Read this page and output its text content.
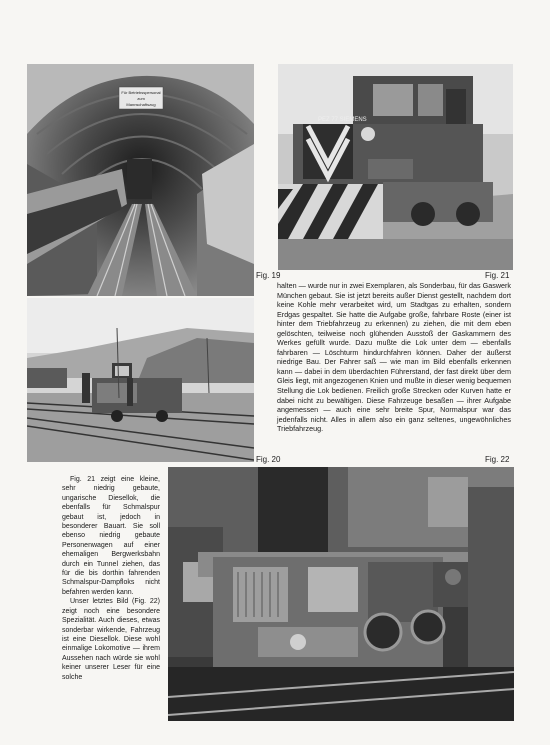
Für Betriebsspersonal
zum
Mannschaftszug
PEZ 77 SIEMENS
Fig. 19	Fig. 21
Fig. 20	Fig. 22

halten — wurde nur in zwei Exemplaren, als Sonderbau, für das Gaswerk München gebaut. Sie ist jetzt bereits außer Dienst gestellt, nachdem dort keine Kohle mehr verarbeitet wird, um Stadtgas zu erhalten, sondern Erdgas gespaltet. Sie hatte die Aufgabe große, fahrbare Roste (einer ist hinter dem Triebfahrzeug zu erkennen) zu ziehen, die mit dem eben gelöschten, teilweise noch glühenden Ausstoß der Gaskammern des Werkes gefüllt wurde. Dazu mußte die Lok unter dem — ebenfalls fahrbaren — Löschturm hindurchfahren können. Daher der äußerst niedrige Bau. Der Fahrer saß — wie man im Bild ebenfalls erkennen kann — dabei in dem überdachten Führerstand, der fast direkt über dem Gleis liegt, mit angezogenen Knien und mußte in dieser wenig bequemen Stellung die Lok bedienen. Freilich große Strecken oder Kurven hatte er dabei nicht zu bewältigen. Diese Fahrzeuge besaßen — ihrer Aufgabe angemessen — auch eine sehr breite Spur, Normalspur war das jedenfalls nicht. Alles in allem also ein ganz seltenes, ungewöhnliches Triebfahrzeug.

Fig. 21 zeigt eine kleine, sehr niedrig gebaute, ungarische Diesellok, die ebenfalls für Schmalspur gebaut ist, jedoch in besonderer Bauart. Sie soll ebenso niedrig gebaute Personenwagen auf einer ehemaligen Bergwerksbahn durch ein Tunnel ziehen, das für die bis dorthin fahrenden Schmalspur-Dampfloks nicht befahren werden kann.

Unser letztes Bild (Fig. 22) zeigt noch eine besondere Spezialität. Auch dieses, etwas sonderbar wirkende, Fahrzeug ist eine Diesellok. Diese wohl einmalige Lokomotive — ihrem Aussehen nach würde sie wohl keiner unserer Leser für eine solche
